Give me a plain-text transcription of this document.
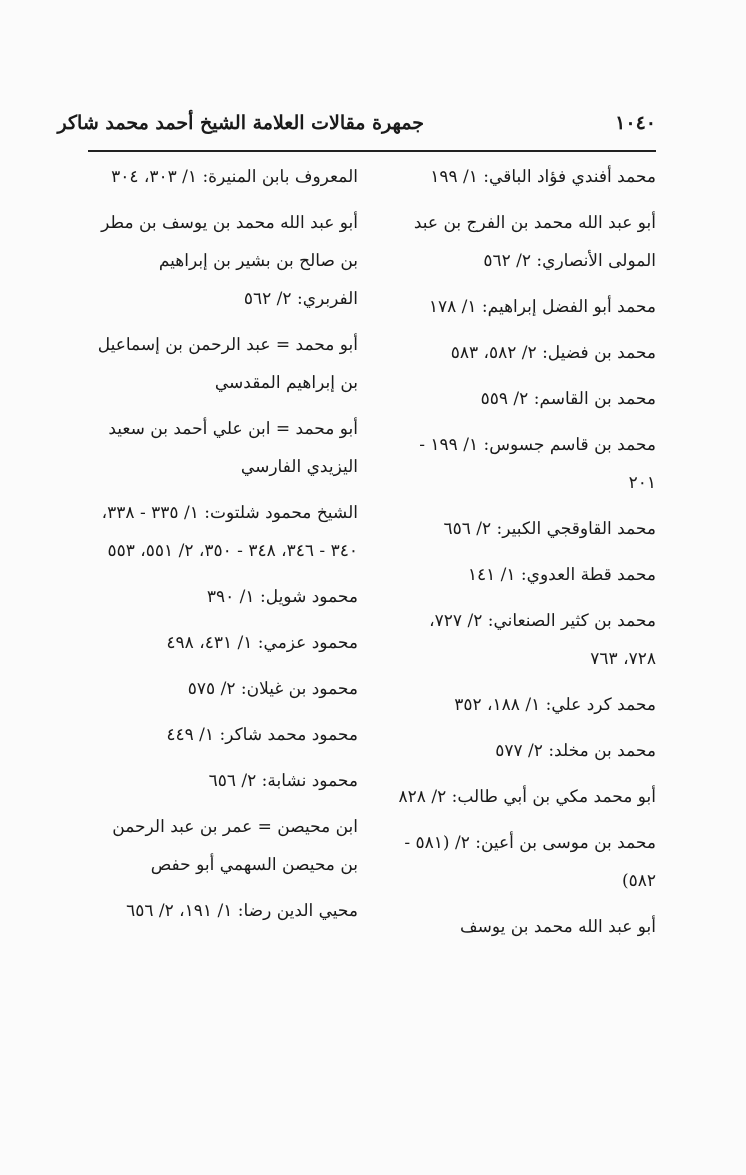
جمهرة مقالات العلامة الشيخ أحمد محمد شاكر	١٠٤٠
محمد أفندي فؤاد الباقي: ١/ ١٩٩
أبو عبد الله محمد بن الفرج بن عبد المولى الأنصاري: ٢/ ٥٦٢
محمد أبو الفضل إبراهيم: ١/ ١٧٨
محمد بن فضيل: ٢/ ٥٨٢، ٥٨٣
محمد بن القاسم: ٢/ ٥٥٩
محمد بن قاسم جسوس: ١/ ١٩٩ - ٢٠١
محمد القاوقجي الكبير: ٢/ ٦٥٦
محمد قطة العدوي: ١/ ١٤١
محمد بن كثير الصنعاني: ٢/ ٧٢٧، ٧٢٨، ٧٦٣
محمد كرد علي: ١/ ١٨٨، ٣٥٢
محمد بن مخلد: ٢/ ٥٧٧
أبو محمد مكي بن أبي طالب: ٢/ ٨٢٨
محمد بن موسى بن أعين: ٢/ (٥٨١ - ٥٨٢)
أبو عبد الله محمد بن يوسف
المعروف بابن المنيرة: ١/ ٣٠٣، ٣٠٤
أبو عبد الله محمد بن يوسف بن مطر بن صالح بن بشير بن إبراهيم الفربري: ٢/ ٥٦٢
أبو محمد = عبد الرحمن بن إسماعيل بن إبراهيم المقدسي
أبو محمد = ابن علي أحمد بن سعيد اليزيدي الفارسي
الشيخ محمود شلتوت: ١/ ٣٣٥ - ٣٣٨، ٣٤٠ - ٣٤٦، ٣٤٨ - ٣٥٠، ٢/ ٥٥١، ٥٥٣
محمود شويل: ١/ ٣٩٠
محمود عزمي: ١/ ٤٣١، ٤٩٨
محمود بن غيلان: ٢/ ٥٧٥
محمود محمد شاكر: ١/ ٤٤٩
محمود نشابة: ٢/ ٦٥٦
ابن محيصن = عمر بن عبد الرحمن بن محيصن السهمي أبو حفص
محيي الدين رضا: ١/ ١٩١، ٢/ ٦٥٦
